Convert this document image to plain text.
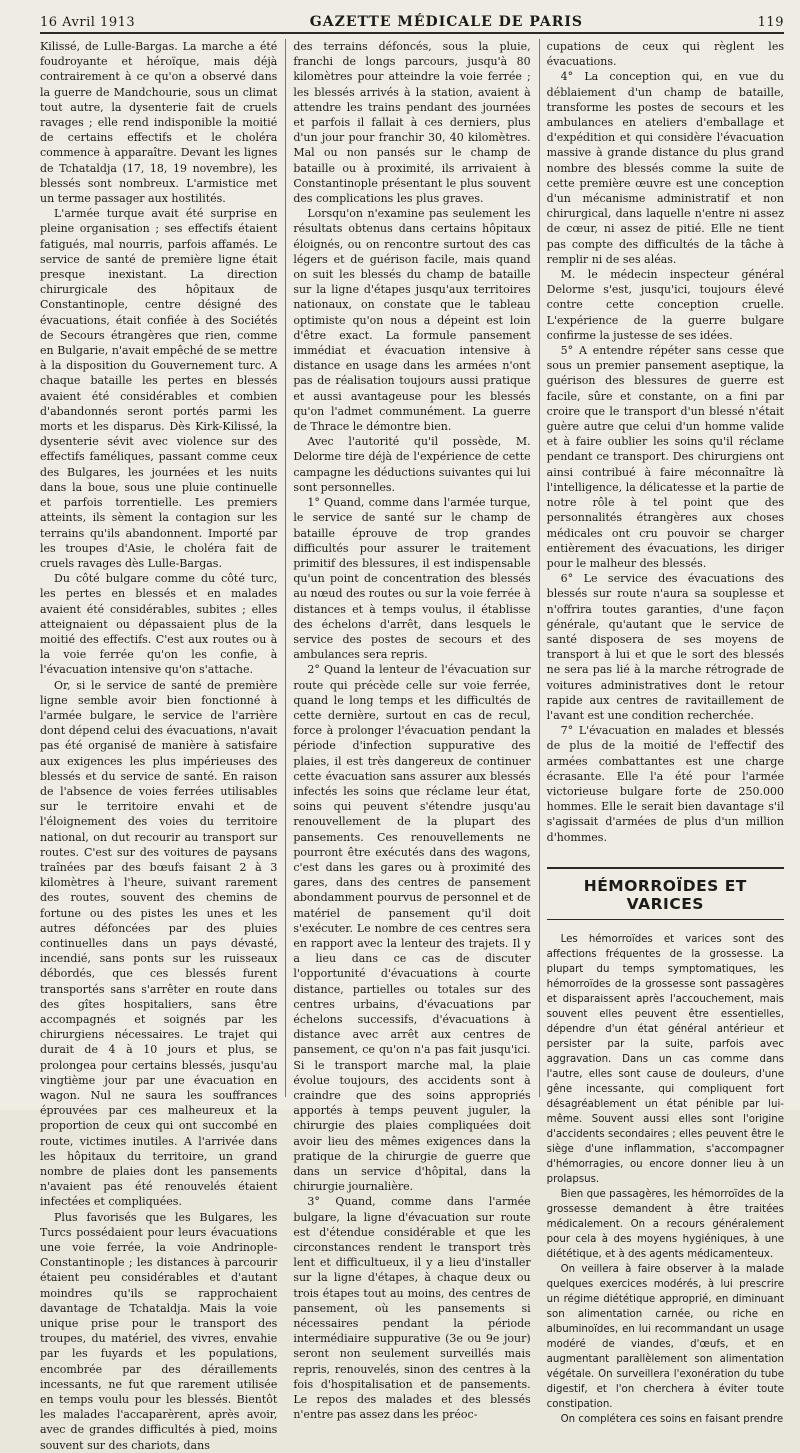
16 Avril 1913	GAZETTE MÉDICALE DE PARIS	119

Kilissé, de Lulle-Bargas. La marche a été foudroyante et héroïque, mais déjà contrairement à ce qu'on a observé dans la guerre de Mandchourie, sous un climat tout autre, la dysenterie fait de cruels ravages ; elle rend indisponible la moitié de certains effectifs et le choléra commence à apparaître. Devant les lignes de Tchataldja (17, 18, 19 novembre), les blessés sont nombreux. L'armistice met un terme passager aux hostilités.

L'armée turque avait été surprise en pleine organisation ; ses effectifs étaient fatigués, mal nourris, parfois affamés. Le service de santé de première ligne était presque inexistant. La direction chirurgicale des hôpitaux de Constantinople, centre désigné des évacuations, était confiée à des Sociétés de Secours étrangères que rien, comme en Bulgarie, n'avait empêché de se mettre à la disposition du Gouvernement turc. A chaque bataille les pertes en blessés avaient été considérables et combien d'abandonnés seront portés parmi les morts et les disparus. Dès Kirk-Kilissé, la dysenterie sévit avec violence sur des effectifs faméliques, passant comme ceux des Bulgares, les journées et les nuits dans la boue, sous une pluie continuelle et parfois torrentielle. Les premiers atteints, ils sèment la contagion sur les terrains qu'ils abandonnent. Importé par les troupes d'Asie, le choléra fait de cruels ravages dès Lulle-Bargas.

Du côté bulgare comme du côté turc, les pertes en blessés et en malades avaient été considérables, subites ; elles atteignaient ou dépassaient plus de la moitié des effectifs. C'est aux routes ou à la voie ferrée qu'on les confie, à l'évacuation intensive qu'on s'attache.

Or, si le service de santé de première ligne semble avoir bien fonctionné à l'armée bulgare, le service de l'arrière dont dépend celui des évacuations, n'avait pas été organisé de manière à satisfaire aux exigences les plus impérieuses des blessés et du service de santé. En raison de l'absence de voies ferrées utilisables sur le territoire envahi et de l'éloignement des voies du territoire national, on dut recourir au transport sur routes. C'est sur des voitures de paysans traînées par des bœufs faisant 2 à 3 kilomètres à l'heure, suivant rarement des routes, souvent des chemins de fortune ou des pistes les unes et les autres défoncées par des pluies continuelles dans un pays dévasté, incendié, sans ponts sur les ruisseaux débordés, que ces blessés furent transportés sans s'arrêter en route dans des gîtes hospitaliers, sans être accompagnés et soignés par les chirurgiens nécessaires. Le trajet qui durait de 4 à 10 jours et plus, se prolongea pour certains blessés, jusqu'au vingtième jour par une évacuation en wagon. Nul ne saura les souffrances éprouvées par ces malheureux et la proportion de ceux qui ont succombé en route, victimes inutiles. A l'arrivée dans les hôpitaux du territoire, un grand nombre de plaies dont les pansements n'avaient pas été renouvelés étaient infectées et compliquées.

Plus favorisés que les Bulgares, les Turcs possédaient pour leurs évacuations une voie ferrée, la voie Andrinople-Constantinople ; les distances à parcourir étaient peu considérables et d'autant moindres qu'ils se rapprochaient davantage de Tchataldja. Mais la voie unique prise pour le transport des troupes, du matériel, des vivres, envahie par les fuyards et les populations, encombrée par des déraillements incessants, ne fut que rarement utilisée en temps voulu pour les blessés. Bientôt les malades l'accaparèrent, après avoir, avec de grandes difficultés à pied, moins souvent sur des chariots, dans

des terrains défoncés, sous la pluie, franchi de longs parcours, jusqu'à 80 kilomètres pour atteindre la voie ferrée ; les blessés arrivés à la station, avaient à attendre les trains pendant des journées et parfois il fallait à ces derniers, plus d'un jour pour franchir 30, 40 kilomètres. Mal ou non pansés sur le champ de bataille ou à proximité, ils arrivaient à Constantinople présentant le plus souvent des complications les plus graves.

Lorsqu'on n'examine pas seulement les résultats obtenus dans certains hôpitaux éloignés, ou on rencontre surtout des cas légers et de guérison facile, mais quand on suit les blessés du champ de bataille sur la ligne d'étapes jusqu'aux territoires nationaux, on constate que le tableau optimiste qu'on nous a dépeint est loin d'être exact. La formule pansement immédiat et évacuation intensive à distance en usage dans les armées n'ont pas de réalisation toujours aussi pratique et aussi avantageuse pour les blessés qu'on l'admet communément. La guerre de Thrace le démontre bien.

Avec l'autorité qu'il possède, M. Delorme tire déjà de l'expérience de cette campagne les déductions suivantes qui lui sont personnelles.

1° Quand, comme dans l'armée turque, le service de santé sur le champ de bataille éprouve de trop grandes difficultés pour assurer le traitement primitif des blessures, il est indispensable qu'un point de concentration des blessés au nœud des routes ou sur la voie ferrée à distances et à temps voulus, il établisse des échelons d'arrêt, dans lesquels le service des postes de secours et des ambulances sera repris.

2° Quand la lenteur de l'évacuation sur route qui précède celle sur voie ferrée, quand le long temps et les difficultés de cette dernière, surtout en cas de recul, force à prolonger l'évacuation pendant la période d'infection suppurative des plaies, il est très dangereux de continuer cette évacuation sans assurer aux blessés infectés les soins que réclame leur état, soins qui peuvent s'étendre jusqu'au renouvellement de la plupart des pansements. Ces renouvellements ne pourront être exécutés dans des wagons, c'est dans les gares ou à proximité des gares, dans des centres de pansement abondamment pourvus de personnel et de matériel de pansement qu'il doit s'exécuter. Le nombre de ces centres sera en rapport avec la lenteur des trajets. Il y a lieu dans ce cas de discuter l'opportunité d'évacuations à courte distance, partielles ou totales sur des centres urbains, d'évacuations par échelons successifs, d'évacuations à distance avec arrêt aux centres de pansement, ce qu'on n'a pas fait jusqu'ici. Si le transport marche mal, la plaie évolue toujours, des accidents sont à craindre que des soins appropriés apportés à temps peuvent juguler, la chirurgie des plaies compliquées doit avoir lieu des mêmes exigences dans la pratique de la chirurgie de guerre que dans un service d'hôpital, dans la chirurgie journalière.

3° Quand, comme dans l'armée bulgare, la ligne d'évacuation sur route est d'étendue considérable et que les circonstances rendent le transport très lent et difficultueux, il y a lieu d'installer sur la ligne d'étapes, à chaque deux ou trois étapes tout au moins, des centres de pansement, où les pansements si nécessaires pendant la période intermédiaire suppurative (3e ou 9e jour) seront non seulement surveillés mais repris, renouvelés, sinon des centres à la fois d'hospitalisation et de pansements. Le repos des malades et des blessés n'entre pas assez dans les préoc-

cupations de ceux qui règlent les évacuations.

4° La conception qui, en vue du déblaiement d'un champ de bataille, transforme les postes de secours et les ambulances en ateliers d'emballage et d'expédition et qui considère l'évacuation massive à grande distance du plus grand nombre des blessés comme la suite de cette première œuvre est une conception d'un mécanisme administratif et non chirurgical, dans laquelle n'entre ni assez de cœur, ni assez de pitié. Elle ne tient pas compte des difficultés de la tâche à remplir ni de ses aléas.

M. le médecin inspecteur général Delorme s'est, jusqu'ici, toujours élevé contre cette conception cruelle. L'expérience de la guerre bulgare confirme la justesse de ses idées.

5° A entendre répéter sans cesse que sous un premier pansement aseptique, la guérison des blessures de guerre est facile, sûre et constante, on a fini par croire que le transport d'un blessé n'était guère autre que celui d'un homme valide et à faire oublier les soins qu'il réclame pendant ce transport. Des chirurgiens ont ainsi contribué à faire méconnaître là l'intelligence, la délicatesse et la partie de notre rôle à tel point que des personnalités étrangères aux choses médicales ont cru pouvoir se charger entièrement des évacuations, les diriger pour le malheur des blessés.

6° Le service des évacuations des blessés sur route n'aura sa souplesse et n'offrira toutes garanties, d'une façon générale, qu'autant que le service de santé disposera de ses moyens de transport à lui et que le sort des blessés ne sera pas lié à la marche rétrograde de voitures administratives dont le retour rapide aux centres de ravitaillement de l'avant est une condition recherchée.

7° L'évacuation en malades et blessés de plus de la moitié de l'effectif des armées combattantes est une charge écrasante. Elle l'a été pour l'armée victorieuse bulgare forte de 250.000 hommes. Elle le serait bien davantage s'il s'agissait d'armées de plus d'un million d'hommes.

HÉMORROÏDES ET VARICES

Les hémorroïdes et varices sont des affections fréquentes de la grossesse. La plupart du temps symptomatiques, les hémorroïdes de la grossesse sont passagères et disparaissent après l'accouchement, mais souvent elles peuvent être essentielles, dépendre d'un état général antérieur et persister par la suite, parfois avec aggravation. Dans un cas comme dans l'autre, elles sont cause de douleurs, d'une gêne incessante, qui compliquent fort désagréablement un état pénible par lui-même. Souvent aussi elles sont l'origine d'accidents secondaires ; elles peuvent être le siège d'une inflammation, s'accompagner d'hémorragies, ou encore donner lieu à un prolapsus.

Bien que passagères, les hémorroïdes de la grossesse demandent à être traitées médicalement. On a recours généralement pour cela à des moyens hygiéniques, à une diététique, et à des agents médicamenteux.

On veillera à faire observer à la malade quelques exercices modérés, à lui prescrire un régime diététique approprié, en diminuant son alimentation carnée, ou riche en albuminoïdes, en lui recommandant un usage modéré de viandes, d'œufs, et en augmentant parallèlement son alimentation végétale. On surveillera l'exonération du tube digestif, et l'on cherchera à éviter toute constipation.

On complétera ces soins en faisant prendre
